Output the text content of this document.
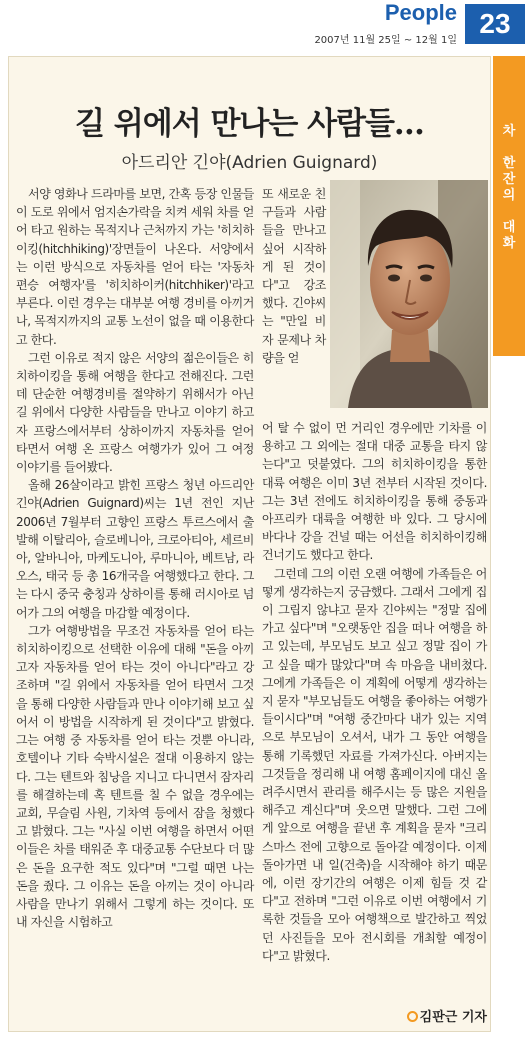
People
2007년 11월 25일 ~ 12월 1일
23
차

한
잔
의

대
화
길 위에서 만나는 사람들…
아드리안 긴야(Adrien Guignard)

서양 영화나 드라마를 보면, 간혹 등장 인물들이 도로 위에서 엄지손가락을 치켜 세워 차를 얻어 타고 원하는 목적지나 근처까지 가는 '히치하이킹(hitchhiking)'장면들이 나온다. 서양에서는 이런 방식으로 자동차를 얻어 타는 '자동차 편승 여행자'를 '히치하이커(hitchhiker)'라고 부른다. 이런 경우는 대부분 여행 경비를 아끼거나, 목적지까지의 교통 노선이 없을 때 이용한다고 한다.

그런 이유로 적지 않은 서양의 젊은이들은 히치하이킹을 통해 여행을 한다고 전해진다. 그런데 단순한 여행경비를 절약하기 위해서가 아닌 길 위에서 다양한 사람들을 만나고 이야기 하고자 프랑스에서부터 상하이까지 자동차를 얻어 타면서 여행 온 프랑스 여행가가 있어 그 여정 이야기를 들어봤다.

올해 26살이라고 밝힌 프랑스 청년 아드리안 긴야(Adrien Guignard)씨는 1년 전인 지난 2006년 7월부터 고향인 프랑스 투르스에서 출발해 이탈리아, 슬로베니아, 크로아티아, 세르비아, 알바니아, 마케도니아, 루마니아, 베트남, 라오스, 태국 등 총 16개국을 여행했다고 한다. 그는 다시 중국 충칭과 상하이를 통해 러시아로 넘어가 그의 여행을 마감할 예정이다.

그가 여행방법을 무조건 자동차를 얻어 타는 히치하이킹으로 선택한 이유에 대해 "돈을 아끼고자 자동차를 얻어 타는 것이 아니다"라고 강조하며 "길 위에서 자동차를 얻어 타면서 그것을 통해 다양한 사람들과 만나 이야기해 보고 싶어서 이 방법을 시작하게 된 것이다"고 밝혔다. 그는 여행 중 자동차를 얻어 타는 것뿐 아니라, 호텔이나 기타 숙박시설은 절대 이용하지 않는다. 그는 텐트와 침낭을 지니고 다니면서 잠자리를 해결하는데 혹 텐트를 칠 수 없을 경우에는 교회, 무슬림 사원, 기차역 등에서 잠을 청했다고 밝혔다. 그는 "사실 이번 여행을 하면서 어떤 이들은 차를 태워준 후 대중교통 수단보다 더 많은 돈을 요구한 적도 있다"며 "그럴 때면 나는 돈을 줬다. 그 이유는 돈을 아끼는 것이 아니라 사람을 만나기 위해서 그렇게 하는 것이다. 또 내 자신을 시험하고

또 새로운 친구들과 사람들을 만나고 싶어 시작하게 된 것이다"고 강조했다. 긴야씨는 "만일 비자 문제나 차량을 얻

어 탈 수 없이 먼 거리인 경우에만 기차를 이용하고 그 외에는 절대 대중 교통을 타지 않는다"고 덧붙였다. 그의 히치하이킹을 통한 대륙 여행은 이미 3년 전부터 시작된 것이다. 그는 3년 전에도 히치하이킹을 통해 중동과 아프리카 대륙을 여행한 바 있다. 그 당시에 바다나 강을 건널 때는 어선을 히치하이킹해 건너기도 했다고 한다.

그런데 그의 이런 오랜 여행에 가족들은 어떻게 생각하는지 궁금했다. 그래서 그에게 집이 그립지 않냐고 묻자 긴야씨는 "정말 집에 가고 싶다"며 "오랫동안 집을 떠나 여행을 하고 있는데, 부모님도 보고 싶고 정말 집이 가고 싶을 때가 많았다"며 속 마음을 내비쳤다. 그에게 가족들은 이 계획에 어떻게 생각하는지 묻자 "부모님들도 여행을 좋아하는 여행가들이시다"며 "여행 중간마다 내가 있는 지역으로 부모님이 오셔서, 내가 그 동안 여행을 통해 기록했던 자료를 가져가신다. 아버지는 그것들을 정리해 내 여행 홈페이지에 대신 올려주시면서 관리를 해주시는 등 많은 지원을 해주고 계신다"며 웃으면 말했다. 그런 그에게 앞으로 여행을 끝낸 후 계획을 묻자 "크리스마스 전에 고향으로 돌아갈 예정이다. 이제 돌아가면 내 일(건축)을 시작해야 하기 때문에, 이런 장기간의 여행은 이제 힘들 것 같다"고 전하며 "그런 이유로 이번 여행에서 기록한 것들을 모아 여행책으로 발간하고 찍었던 사진들을 모아 전시회를 개최할 예정이다"고 밝혔다.

김판근 기자
